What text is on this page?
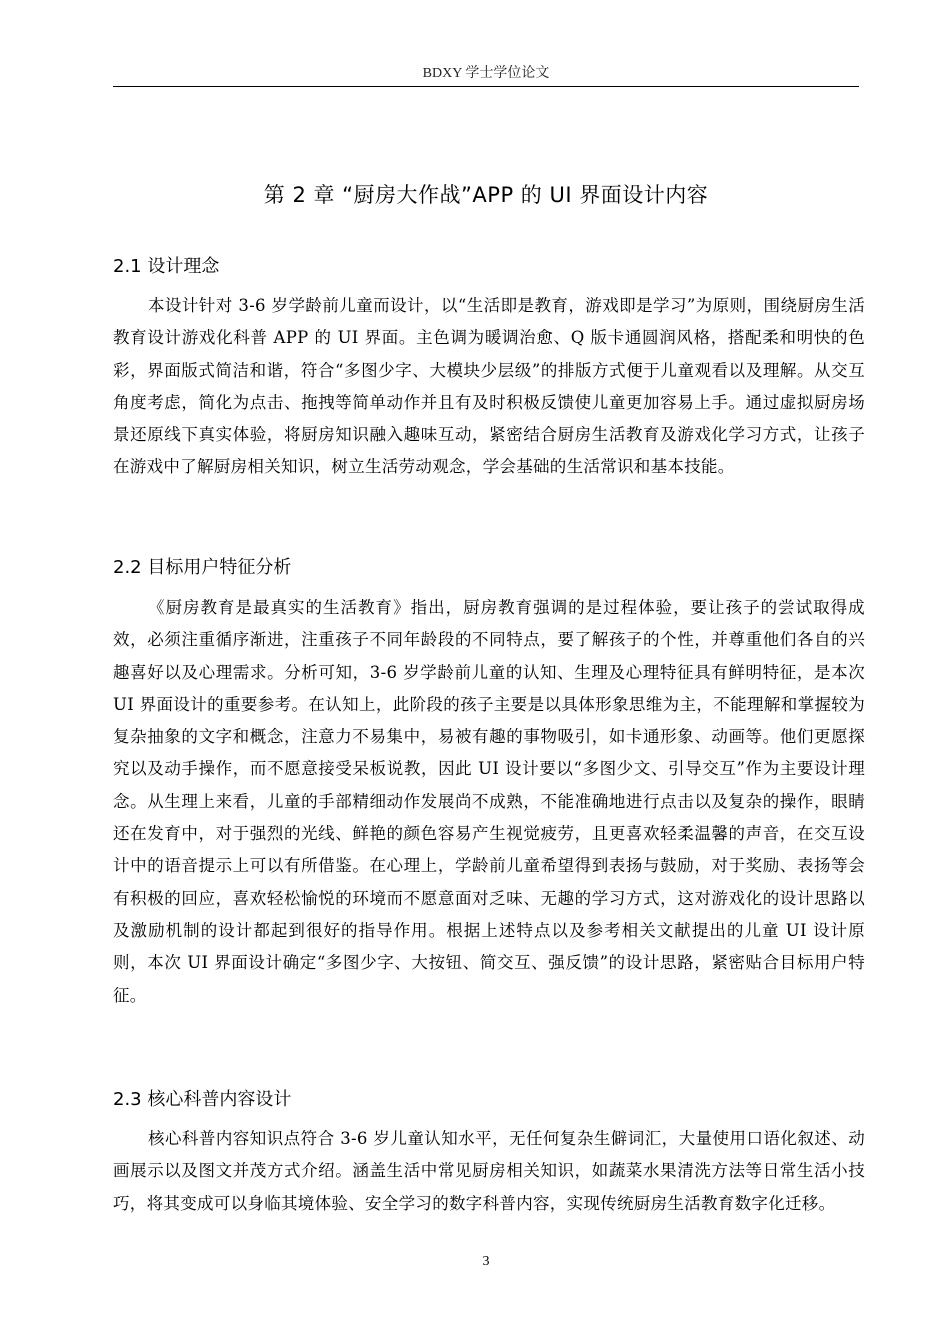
BDXY 学士学位论文
第 2 章 “厨房大作战”APP 的 UI 界面设计内容
2.1 设计理念

本设计针对 3-6 岁学龄前儿童而设计，以“生活即是教育，游戏即是学习”为原则，围绕厨房生活教育设计游戏化科普 APP 的 UI 界面。主色调为暖调治愈、Q 版卡通圆润风格，搭配柔和明快的色彩，界面版式简洁和谐，符合“多图少字、大模块少层级”的排版方式便于儿童观看以及理解。从交互角度考虑，简化为点击、拖拽等简单动作并且有及时积极反馈使儿童更加容易上手。通过虚拟厨房场景还原线下真实体验，将厨房知识融入趣味互动，紧密结合厨房生活教育及游戏化学习方式，让孩子在游戏中了解厨房相关知识，树立生活劳动观念，学会基础的生活常识和基本技能。

2.2 目标用户特征分析

《厨房教育是最真实的生活教育》指出，厨房教育强调的是过程体验，要让孩子的尝试取得成效，必须注重循序渐进，注重孩子不同年龄段的不同特点，要了解孩子的个性，并尊重他们各自的兴趣喜好以及心理需求。分析可知，3-6 岁学龄前儿童的认知、生理及心理特征具有鲜明特征，是本次 UI 界面设计的重要参考。在认知上，此阶段的孩子主要是以具体形象思维为主，不能理解和掌握较为复杂抽象的文字和概念，注意力不易集中，易被有趣的事物吸引，如卡通形象、动画等。他们更愿探究以及动手操作，而不愿意接受呆板说教，因此 UI 设计要以“多图少文、引导交互”作为主要设计理念。从生理上来看，儿童的手部精细动作发展尚不成熟，不能准确地进行点击以及复杂的操作，眼睛还在发育中，对于强烈的光线、鲜艳的颜色容易产生视觉疲劳，且更喜欢轻柔温馨的声音，在交互设计中的语音提示上可以有所借鉴。在心理上，学龄前儿童希望得到表扬与鼓励，对于奖励、表扬等会有积极的回应，喜欢轻松愉悦的环境而不愿意面对乏味、无趣的学习方式，这对游戏化的设计思路以及激励机制的设计都起到很好的指导作用。根据上述特点以及参考相关文献提出的儿童 UI 设计原则，本次 UI 界面设计确定“多图少字、大按钮、简交互、强反馈”的设计思路，紧密贴合目标用户特征。

2.3 核心科普内容设计

核心科普内容知识点符合 3-6 岁儿童认知水平，无任何复杂生僻词汇，大量使用口语化叙述、动画展示以及图文并茂方式介绍。涵盖生活中常见厨房相关知识，如蔬菜水果清洗方法等日常生活小技巧，将其变成可以身临其境体验、安全学习的数字科普内容，实现传统厨房生活教育数字化迁移。

3
